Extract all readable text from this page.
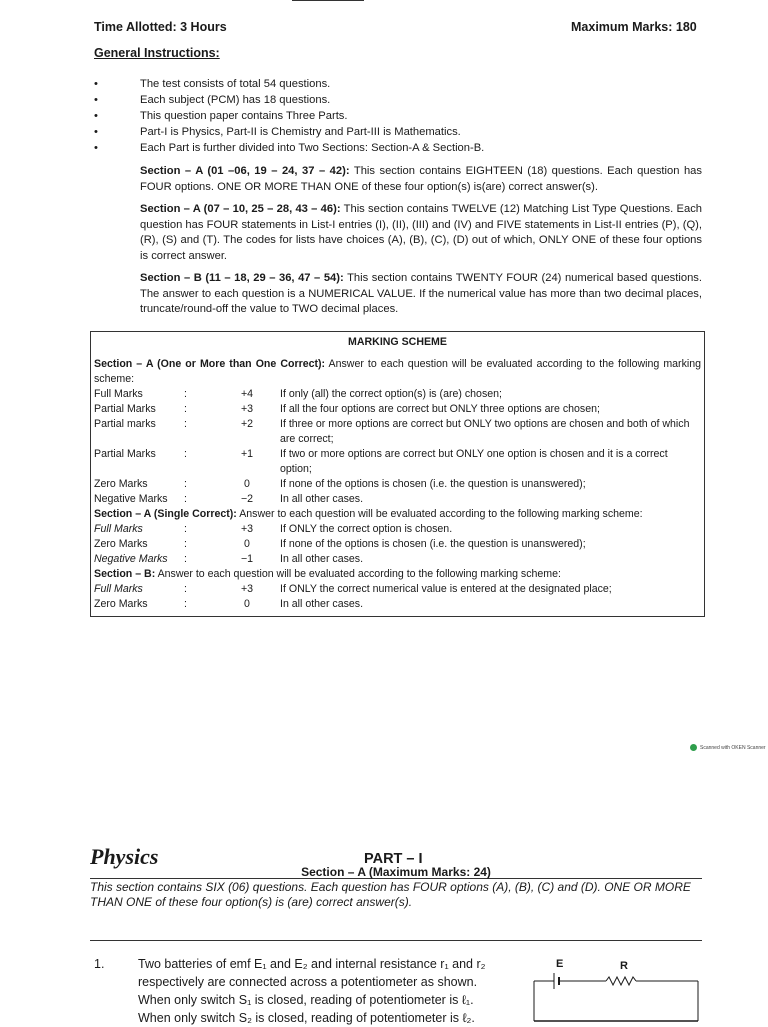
Time Allotted: 3 Hours	Maximum Marks: 180
General Instructions:
•	The test consists of total 54 questions.
•	Each subject (PCM) has 18 questions.
•	This question paper contains Three Parts.
•	Part-I is Physics, Part-II is Chemistry and Part-III is Mathematics.
•	Each Part is further divided into Two Sections: Section-A & Section-B.
Section – A (01 –06, 19 – 24, 37 – 42): This section contains EIGHTEEN (18) questions. Each question has FOUR options. ONE OR MORE THAN ONE of these four option(s) is(are) correct answer(s).
Section – A (07 – 10, 25 – 28, 43 – 46): This section contains TWELVE (12) Matching List Type Questions. Each question has FOUR statements in List-I entries (I), (II), (III) and (IV) and FIVE statements in List-II entries (P), (Q), (R), (S) and (T). The codes for lists have choices (A), (B), (C), (D) out of which, ONLY ONE of these four options is correct answer.
Section – B (11 – 18, 29 – 36, 47 – 54): This section contains TWENTY FOUR (24) numerical based questions. The answer to each question is a NUMERICAL VALUE. If the numerical value has more than two decimal places, truncate/round-off the value to TWO decimal places.
MARKING SCHEME
Section – A (One or More than One Correct): Answer to each question will be evaluated according to the following marking scheme:
Full Marks	:	+4	If only (all) the correct option(s) is (are) chosen;
Partial Marks	:	+3	If all the four options are correct but ONLY three options are chosen;
Partial marks	:	+2	If three or more options are correct but ONLY two options are chosen and both of which are correct;
Partial Marks	:	+1	If two or more options are correct but ONLY one option is chosen and it is a correct option;
Zero Marks	:	0	If none of the options is chosen (i.e. the question is unanswered);
Negative Marks	:	−2	In all other cases.
Section – A (Single Correct): Answer to each question will be evaluated according to the following marking scheme:
Full Marks	:	+3	If ONLY the correct option is chosen.
Zero Marks	:	0	If none of the options is chosen (i.e. the question is unanswered);
Negative Marks	:	−1	In all other cases.
Section – B: Answer to each question will be evaluated according to the following marking scheme:
Full Marks	:	+3	If ONLY the correct numerical value is entered at the designated place;
Zero Marks	:	0	In all other cases.
Scanned with OKEN Scanner
Physics	PART – I
Section – A (Maximum Marks: 24)
This section contains SIX (06) questions. Each question has FOUR options (A), (B), (C) and (D). ONE OR MORE THAN ONE of these four option(s) is (are) correct answer(s).
1.	Two batteries of emf E₁ and E₂ and internal resistance r₁ and r₂
respectively are connected across a potentiometer as shown.
When only switch S₁ is closed, reading of potentiometer is ℓ₁.
When only switch S₂ is closed, reading of potentiometer is ℓ₂.
E	R
